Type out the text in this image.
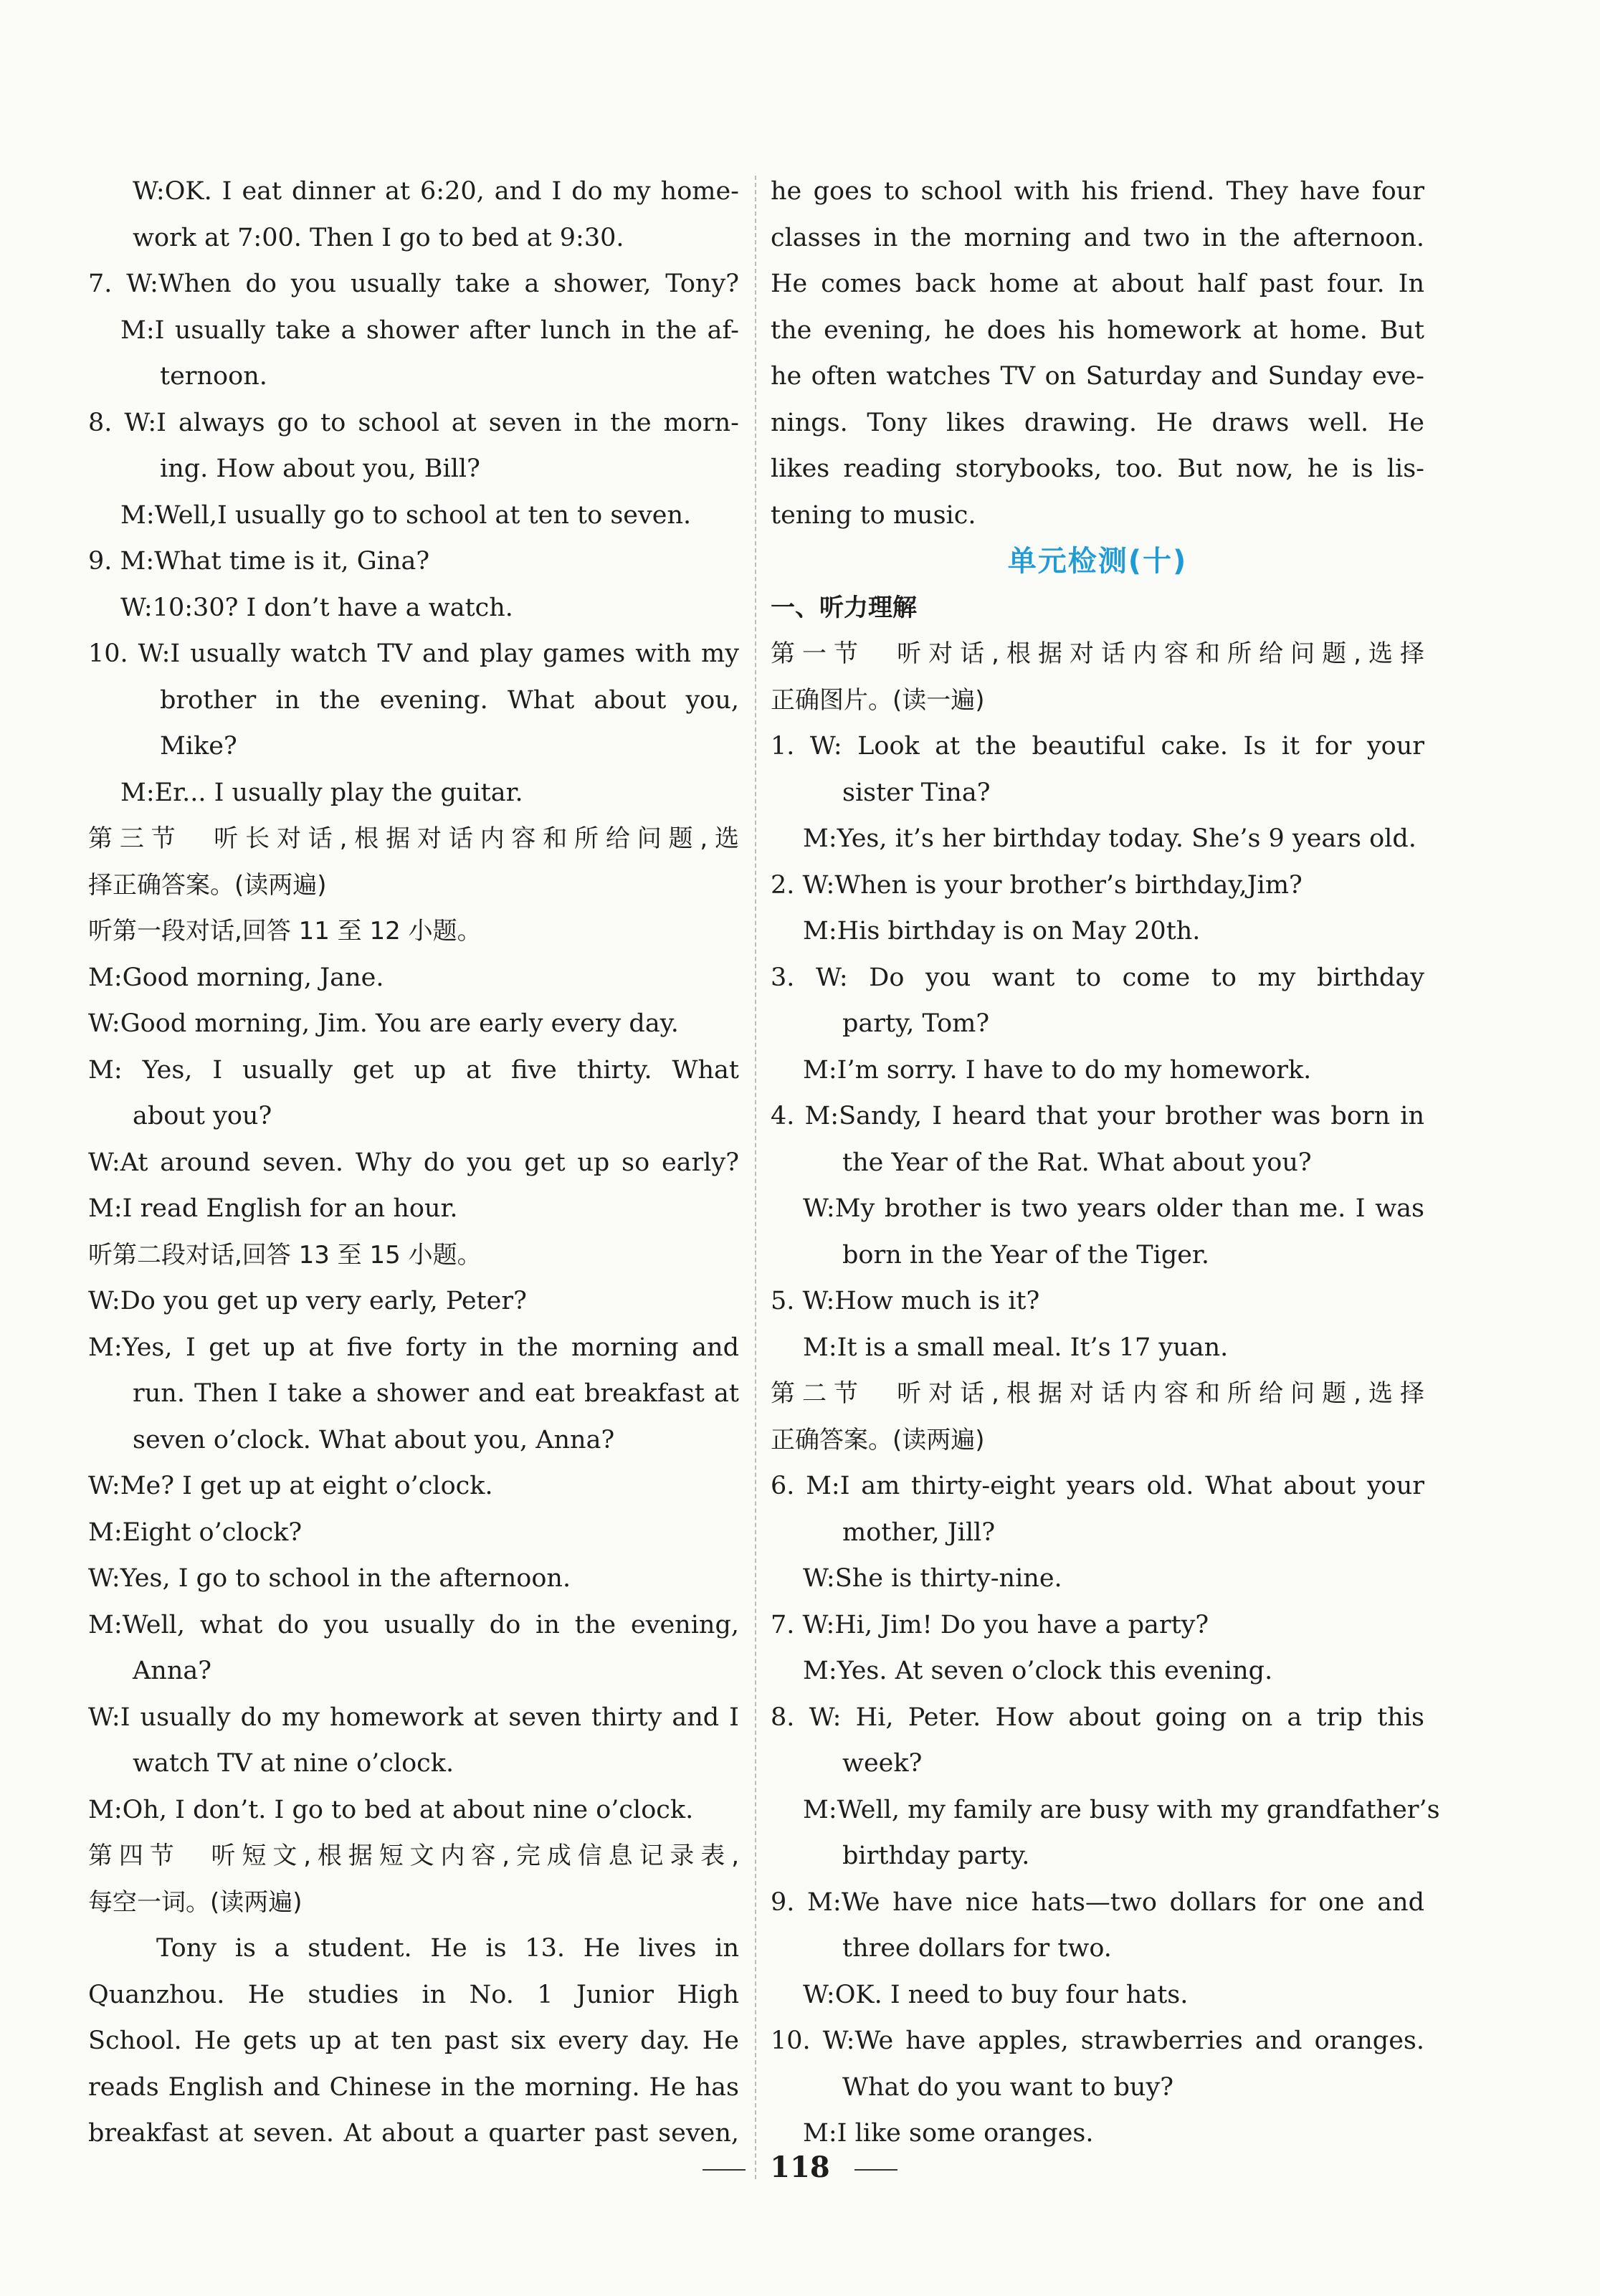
W:OK. I eat dinner at 6:20, and I do my home-
work at 7:00. Then I go to bed at 9:30.
7. W:When do you usually take a shower, Tony?
M:I usually take a shower after lunch in the af-
ternoon.
8. W:I always go to school at seven in the morn-
ing. How about you, Bill?
M:Well,I usually go to school at ten to seven.
9. M:What time is it, Gina?
W:10:30? I don’t have a watch.
10. W:I usually watch TV and play games with my
brother in the evening. What about you,
Mike?
M:Er... I usually play the guitar.
第三节　听长对话,根据对话内容和所给问题,选
择正确答案。(读两遍)
听第一段对话,回答 11 至 12 小题。
M:Good morning, Jane.
W:Good morning, Jim. You are early every day.
M: Yes, I usually get up at five thirty. What
about you?
W:At around seven. Why do you get up so early?
M:I read English for an hour.
听第二段对话,回答 13 至 15 小题。
W:Do you get up very early, Peter?
M:Yes, I get up at five forty in the morning and
run. Then I take a shower and eat breakfast at
seven o’clock. What about you, Anna?
W:Me? I get up at eight o’clock.
M:Eight o’clock?
W:Yes, I go to school in the afternoon.
M:Well, what do you usually do in the evening,
Anna?
W:I usually do my homework at seven thirty and I
watch TV at nine o’clock.
M:Oh, I don’t. I go to bed at about nine o’clock.
第四节　听短文,根据短文内容,完成信息记录表,
每空一词。(读两遍)
Tony is a student. He is 13. He lives in
Quanzhou. He studies in No. 1 Junior High
School. He gets up at ten past six every day. He
reads English and Chinese in the morning. He has
breakfast at seven. At about a quarter past seven,
he goes to school with his friend. They have four
classes in the morning and two in the afternoon.
He comes back home at about half past four. In
the evening, he does his homework at home. But
he often watches TV on Saturday and Sunday eve-
nings. Tony likes drawing. He draws well. He
likes reading storybooks, too. But now, he is lis-
tening to music.
单元检测(十)
一、听力理解
第一节　听对话,根据对话内容和所给问题,选择
正确图片。(读一遍)
1. W: Look at the beautiful cake. Is it for your
sister Tina?
M:Yes, it’s her birthday today. She’s 9 years old.
2. W:When is your brother’s birthday,Jim?
M:His birthday is on May 20th.
3. W: Do you want to come to my birthday
party, Tom?
M:I’m sorry. I have to do my homework.
4. M:Sandy, I heard that your brother was born in
the Year of the Rat. What about you?
W:My brother is two years older than me. I was
born in the Year of the Tiger.
5. W:How much is it?
M:It is a small meal. It’s 17 yuan.
第二节　听对话,根据对话内容和所给问题,选择
正确答案。(读两遍)
6. M:I am thirty-eight years old. What about your
mother, Jill?
W:She is thirty-nine.
7. W:Hi, Jim! Do you have a party?
M:Yes. At seven o’clock this evening.
8. W: Hi, Peter. How about going on a trip this
week?
M:Well, my family are busy with my grandfather’s
birthday party.
9. M:We have nice hats—two dollars for one and
three dollars for two.
W:OK. I need to buy four hats.
10. W:We have apples, strawberries and oranges.
What do you want to buy?
M:I like some oranges.
118
